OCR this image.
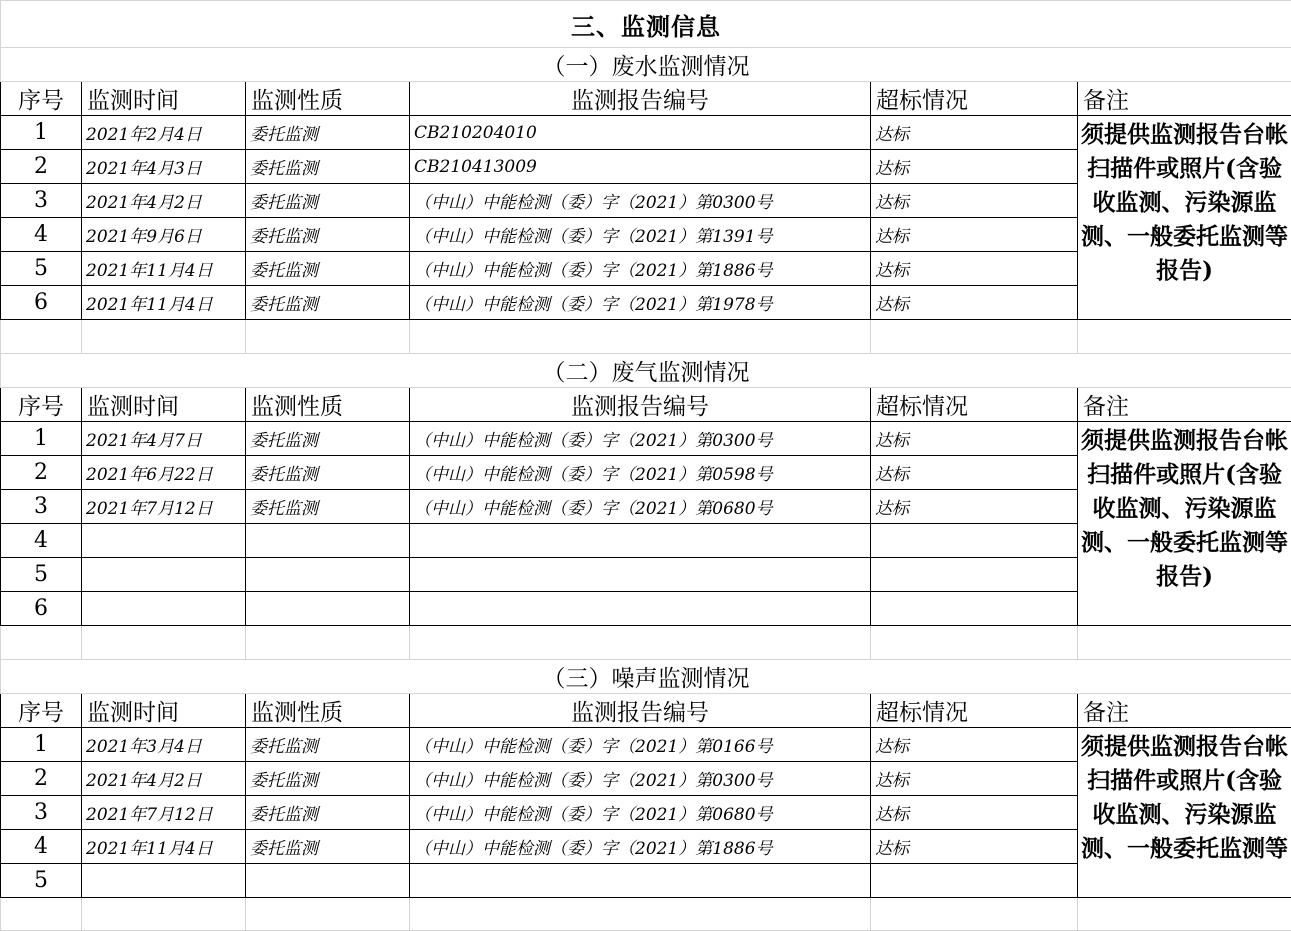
三、监测信息					
（一）废水监测情况					
序号	监测时间	监测性质	监测报告编号	超标情况	备注
1	2021年2月4日	委托监测	CB210204010	达标	须提供监测报告台帐扫描件或照片(含验收监测、污染源监测、一般委托监测等报告)
2	2021年4月3日	委托监测	CB210413009	达标	
3	2021年4月2日	委托监测	（中山）中能检测（委）字（2021）第0300号	达标	
4	2021年9月6日	委托监测	（中山）中能检测（委）字（2021）第1391号	达标	
5	2021年11月4日	委托监测	（中山）中能检测（委）字（2021）第1886号	达标	
6	2021年11月4日	委托监测	（中山）中能检测（委）字（2021）第1978号	达标	

（二）废气监测情况					
序号	监测时间	监测性质	监测报告编号	超标情况	备注
1	2021年4月7日	委托监测	（中山）中能检测（委）字（2021）第0300号	达标	须提供监测报告台帐扫描件或照片(含验收监测、污染源监测、一般委托监测等报告)
2	2021年6月22日	委托监测	（中山）中能检测（委）字（2021）第0598号	达标	
3	2021年7月12日	委托监测	（中山）中能检测（委）字（2021）第0680号	达标	
4					
5					
6					

（三）噪声监测情况					
序号	监测时间	监测性质	监测报告编号	超标情况	备注
1	2021年3月4日	委托监测	（中山）中能检测（委）字（2021）第0166号	达标	须提供监测报告台帐扫描件或照片(含验收监测、污染源监测、一般委托监测等
2	2021年4月2日	委托监测	（中山）中能检测（委）字（2021）第0300号	达标	
3	2021年7月12日	委托监测	（中山）中能检测（委）字（2021）第0680号	达标	
4	2021年11月4日	委托监测	（中山）中能检测（委）字（2021）第1886号	达标	
5					
